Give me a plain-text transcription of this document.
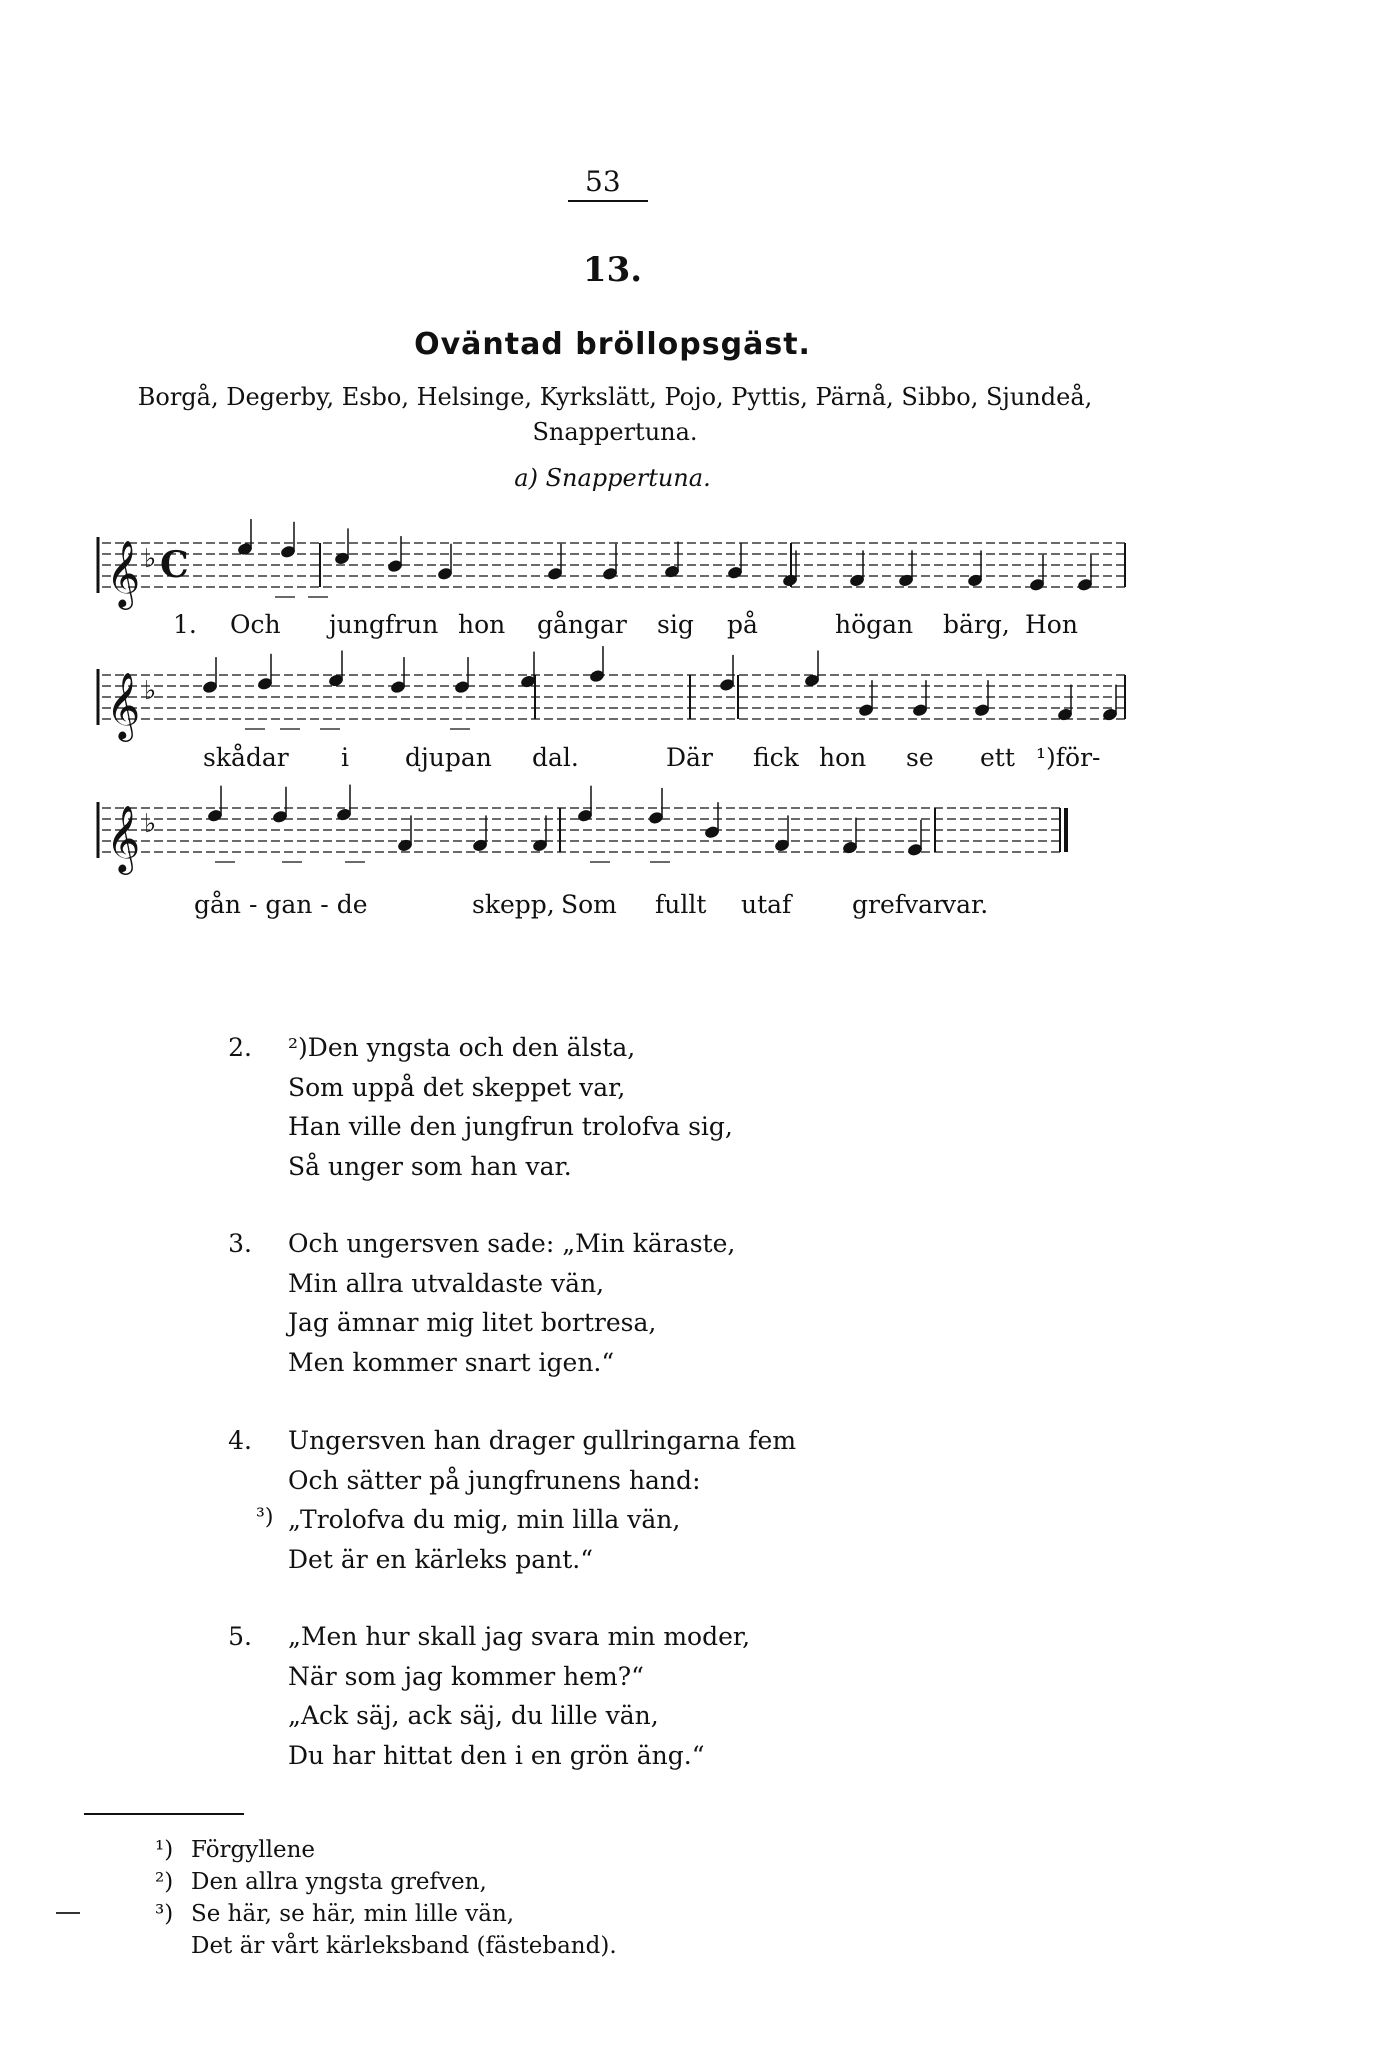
53
13.
Oväntad bröllopsgäst.
Borgå, Degerby, Esbo, Helsinge, Kyrkslätt, Pojo, Pyttis, Pärnå, Sibbo, Sjundeå, Snappertuna.
a) Snappertuna.
𝄞 ♭ C
𝄞 ♭
𝄞 ♭
1. Och jungfrun hon gångar sig på	högan bärg, Hon
skådar i djupan dal.	Där fick hon se ett ¹)för-
gån - gan - de	skepp, Som fullt utaf grefvar
var.
2. ²)Den yngsta och den älsta,
Som uppå det skeppet var,
Han ville den jungfrun trolofva sig,
Så unger som han var.
3. Och ungersven sade: „Min käraste,
Min allra utvaldaste vän,
Jag ämnar mig litet bortresa,
Men kommer snart igen.“
4.
³)
Ungersven han drager gullringarna fem
Och sätter på jungfrunens hand:
„Trolofva du mig, min lilla vän,
Det är en kärleks pant.“
5. „Men hur skall jag svara min moder,
När som jag kommer hem?“
„Ack säj, ack säj, du lille vän,
Du har hittat den i en grön äng.“
¹) Förgyllene
²) Den allra yngsta grefven,
³) Se här, se här, min lille vän,
Det är vårt kärleksband (fästeband).
